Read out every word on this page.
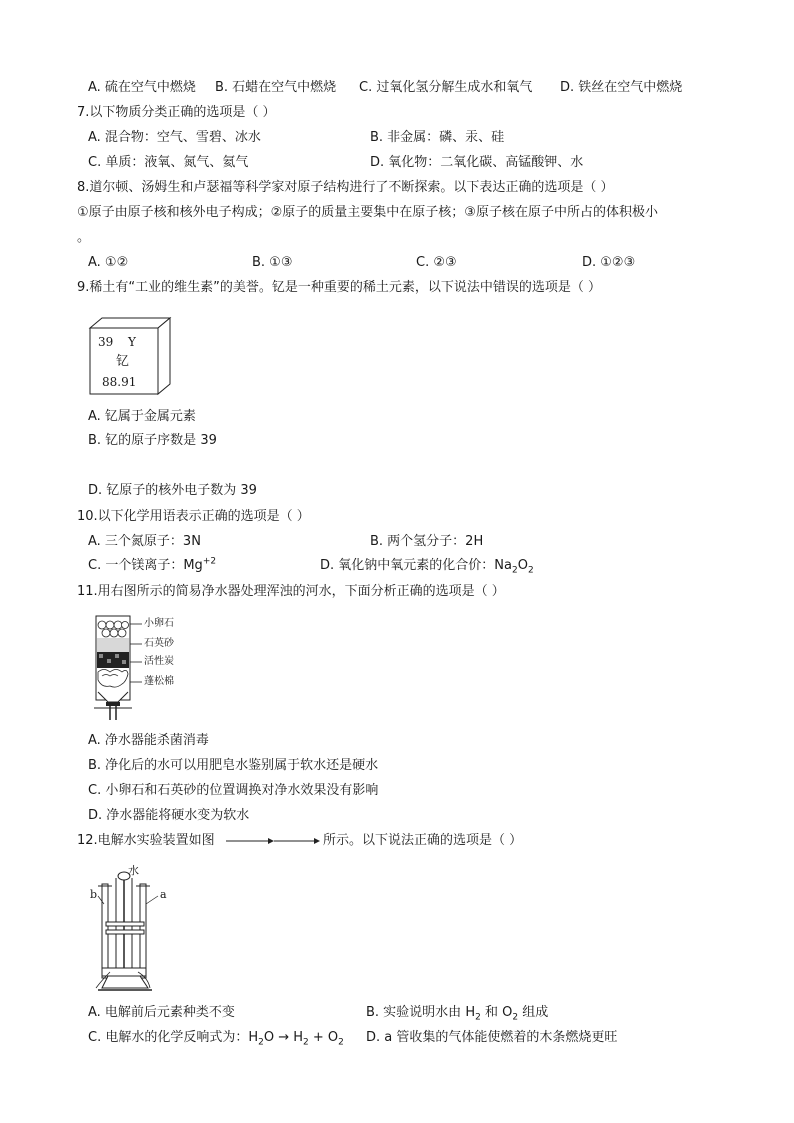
A. 硫在空气中燃烧 B. 石蜡在空气中燃烧 C. 过氧化氢分解生成水和氧气 D. 铁丝在空气中燃烧
7.以下物质分类正确的选项是（ ）
A. 混合物：空气、雪碧、冰水	B. 非金属：磷、汞、硅
C. 单质：液氧、氮气、氦气	D. 氧化物：二氧化碳、高锰酸钾、水
8.道尔顿、汤姆生和卢瑟福等科学家对原子结构进行了不断探索。以下表达正确的选项是（ ）
①原子由原子核和核外电子构成；②原子的质量主要集中在原子核；③原子核在原子中所占的体积极小
。
A. ①②	B. ①③	C. ②③	D. ①②③
9.稀土有“工业的维生素”的美誉。钇是一种重要的稀土元素，以下说法中错误的选项是（ ）
39 Y
钇
88.91
A. 钇属于金属元素
B. 钇的原子序数是 39
D. 钇原子的核外电子数为 39
10.以下化学用语表示正确的选项是（ ）
A. 三个氮原子：3N	B. 两个氢分子：2H
C. 一个镁离子：$Mg^{+2}$	D. 氧化钠中氧元素的化合价：$Na_2O_2$
11.用右图所示的简易净水器处理浑浊的河水，下面分析正确的选项是（ ）
小卵石
石英砂
活性炭
蓬松棉
A. 净水器能杀菌消毒
B. 净化后的水可以用肥皂水鉴别属于软水还是硬水
C. 小卵石和石英砂的位置调换对净水效果没有影响
D. 净水器能将硬水变为软水
12.电解水实验装置如图	所示。以下说法正确的选项是（ ）
水
b	a
A. 电解前后元素种类不变	B. 实验说明水由 $H_2$ 和 $O_2$ 组成
C. 电解水的化学反响式为：$H_2O \to H_2 + O_2$ D. a 管收集的气体能使燃着的木条燃烧更旺
